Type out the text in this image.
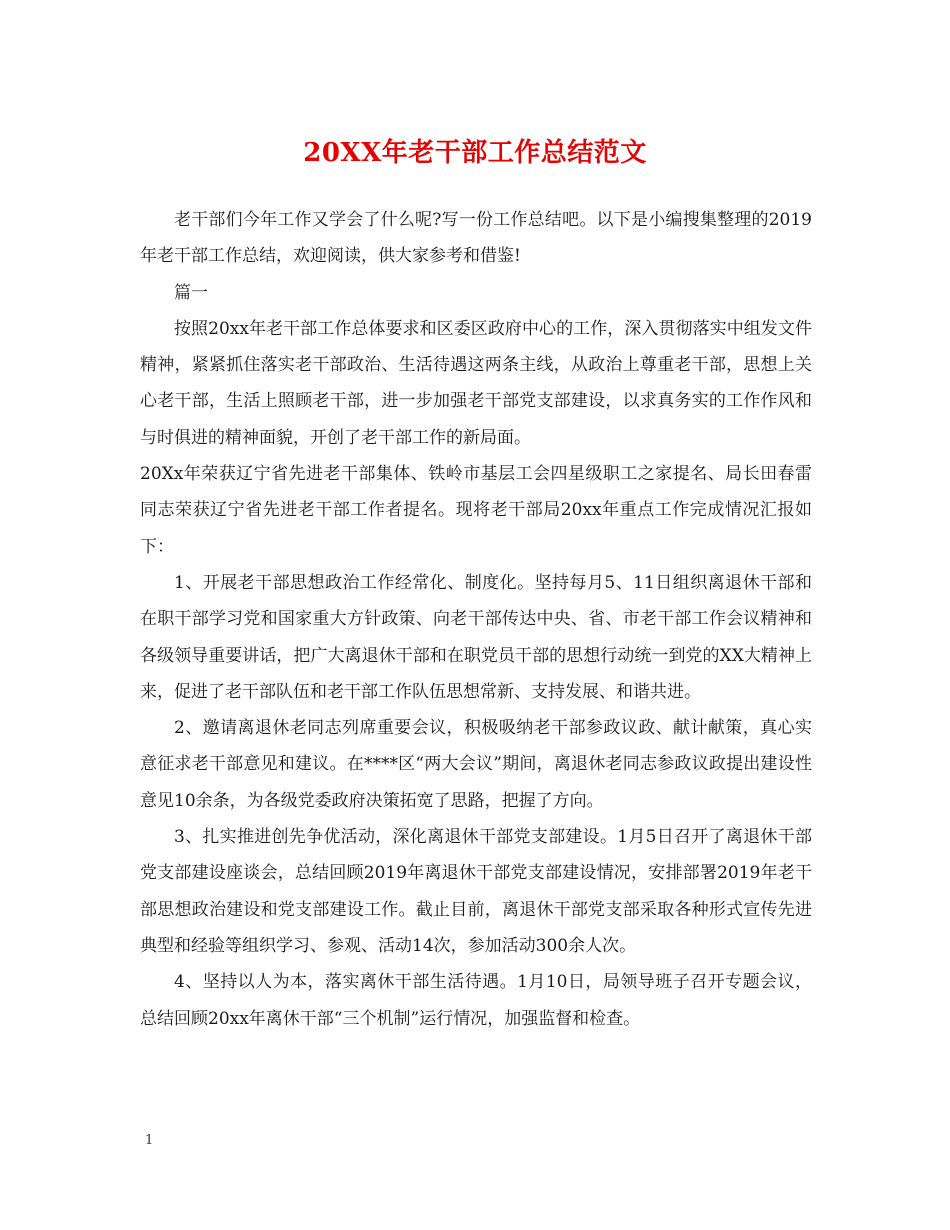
20XX年老干部工作总结范文

老干部们今年工作又学会了什么呢?写一份工作总结吧。以下是小编搜集整理的2019年老干部工作总结，欢迎阅读，供大家参考和借鉴!

篇一

按照20xx年老干部工作总体要求和区委区政府中心的工作，深入贯彻落实中组发文件精神，紧紧抓住落实老干部政治、生活待遇这两条主线，从政治上尊重老干部，思想上关心老干部，生活上照顾老干部，进一步加强老干部党支部建设，以求真务实的工作作风和与时俱进的精神面貌，开创了老干部工作的新局面。

20Xx年荣获辽宁省先进老干部集体、铁岭市基层工会四星级职工之家提名、局长田春雷同志荣获辽宁省先进老干部工作者提名。现将老干部局20xx年重点工作完成情况汇报如下：

1、开展老干部思想政治工作经常化、制度化。坚持每月5、11日组织离退休干部和在职干部学习党和国家重大方针政策、向老干部传达中央、省、市老干部工作会议精神和各级领导重要讲话，把广大离退休干部和在职党员干部的思想行动统一到党的XX大精神上来，促进了老干部队伍和老干部工作队伍思想常新、支持发展、和谐共进。

2、邀请离退休老同志列席重要会议，积极吸纳老干部参政议政、献计献策，真心实意征求老干部意见和建议。在****区“两大会议”期间，离退休老同志参政议政提出建设性意见10余条，为各级党委政府决策拓宽了思路，把握了方向。

3、扎实推进创先争优活动，深化离退休干部党支部建设。1月5日召开了离退休干部党支部建设座谈会，总结回顾2019年离退休干部党支部建设情况，安排部署2019年老干部思想政治建设和党支部建设工作。截止目前，离退休干部党支部采取各种形式宣传先进典型和经验等组织学习、参观、活动14次，参加活动300余人次。

4、坚持以人为本，落实离休干部生活待遇。1月10日，局领导班子召开专题会议，总结回顾20xx年离休干部“三个机制”运行情况，加强监督和检查。

1
